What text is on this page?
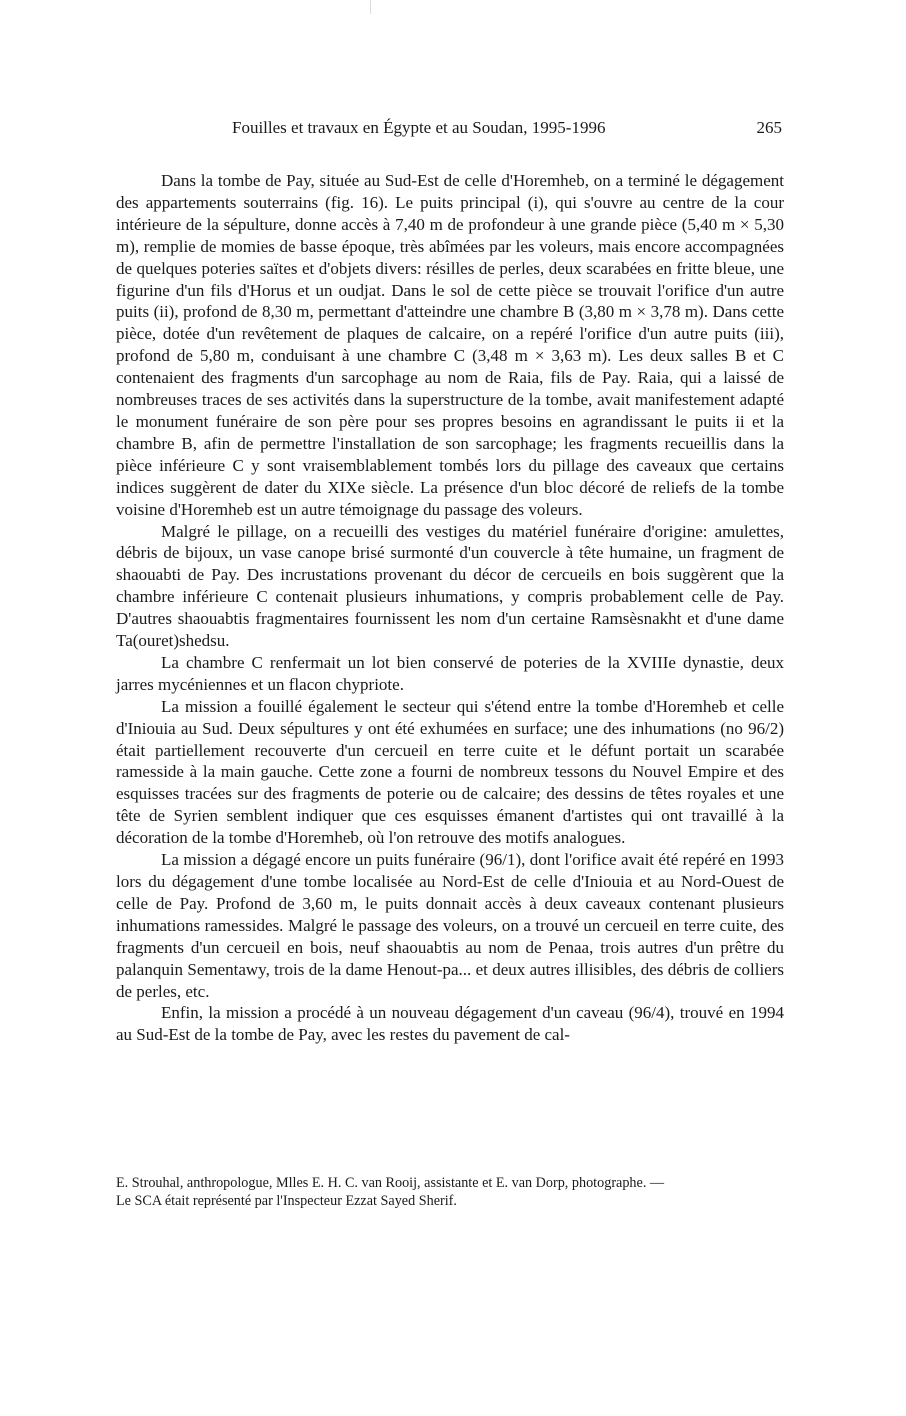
Fouilles et travaux en Égypte et au Soudan, 1995-1996	265

Dans la tombe de Pay, située au Sud-Est de celle d'Horemheb, on a terminé le dégagement des appartements souterrains (fig. 16). Le puits principal (i), qui s'ouvre au centre de la cour intérieure de la sépulture, donne accès à 7,40 m de profondeur à une grande pièce (5,40 m × 5,30 m), remplie de momies de basse époque, très abîmées par les voleurs, mais encore accompagnées de quelques poteries saïtes et d'objets divers: résilles de perles, deux scarabées en fritte bleue, une figurine d'un fils d'Horus et un oudjat. Dans le sol de cette pièce se trouvait l'orifice d'un autre puits (ii), profond de 8,30 m, permettant d'atteindre une chambre B (3,80 m × 3,78 m). Dans cette pièce, dotée d'un revêtement de plaques de calcaire, on a repéré l'orifice d'un autre puits (iii), profond de 5,80 m, conduisant à une chambre C (3,48 m × 3,63 m). Les deux salles B et C contenaient des fragments d'un sarcophage au nom de Raia, fils de Pay. Raia, qui a laissé de nombreuses traces de ses activités dans la superstructure de la tombe, avait manifestement adapté le monument funéraire de son père pour ses propres besoins en agrandissant le puits ii et la chambre B, afin de permettre l'installation de son sarcophage; les fragments recueillis dans la pièce inférieure C y sont vraisemblablement tombés lors du pillage des caveaux que certains indices suggèrent de dater du XIXe siècle. La présence d'un bloc décoré de reliefs de la tombe voisine d'Horemheb est un autre témoignage du passage des voleurs.

Malgré le pillage, on a recueilli des vestiges du matériel funéraire d'origine: amulettes, débris de bijoux, un vase canope brisé surmonté d'un couvercle à tête humaine, un fragment de shaouabti de Pay. Des incrustations provenant du décor de cercueils en bois suggèrent que la chambre inférieure C contenait plusieurs inhumations, y compris probablement celle de Pay. D'autres shaouabtis fragmentaires fournissent les nom d'un certaine Ramsèsnakht et d'une dame Ta(ouret)shedsu.

La chambre C renfermait un lot bien conservé de poteries de la XVIIIe dynastie, deux jarres mycéniennes et un flacon chypriote.

La mission a fouillé également le secteur qui s'étend entre la tombe d'Horemheb et celle d'Iniouia au Sud. Deux sépultures y ont été exhumées en surface; une des inhumations (no 96/2) était partiellement recouverte d'un cercueil en terre cuite et le défunt portait un scarabée ramesside à la main gauche. Cette zone a fourni de nombreux tessons du Nouvel Empire et des esquisses tracées sur des fragments de poterie ou de calcaire; des dessins de têtes royales et une tête de Syrien semblent indiquer que ces esquisses émanent d'artistes qui ont travaillé à la décoration de la tombe d'Horemheb, où l'on retrouve des motifs analogues.

La mission a dégagé encore un puits funéraire (96/1), dont l'orifice avait été repéré en 1993 lors du dégagement d'une tombe localisée au Nord-Est de celle d'Iniouia et au Nord-Ouest de celle de Pay. Profond de 3,60 m, le puits donnait accès à deux caveaux contenant plusieurs inhumations ramessides. Malgré le passage des voleurs, on a trouvé un cercueil en terre cuite, des fragments d'un cercueil en bois, neuf shaouabtis au nom de Penaa, trois autres d'un prêtre du palanquin Sementawy, trois de la dame Henout-pa... et deux autres illisibles, des débris de colliers de perles, etc.

Enfin, la mission a procédé à un nouveau dégagement d'un caveau (96/4), trouvé en 1994 au Sud-Est de la tombe de Pay, avec les restes du pavement de cal-

E. Strouhal, anthropologue, Mlles E. H. C. van Rooij, assistante et E. van Dorp, photographe. —

Le SCA était représenté par l'Inspecteur Ezzat Sayed Sherif.
